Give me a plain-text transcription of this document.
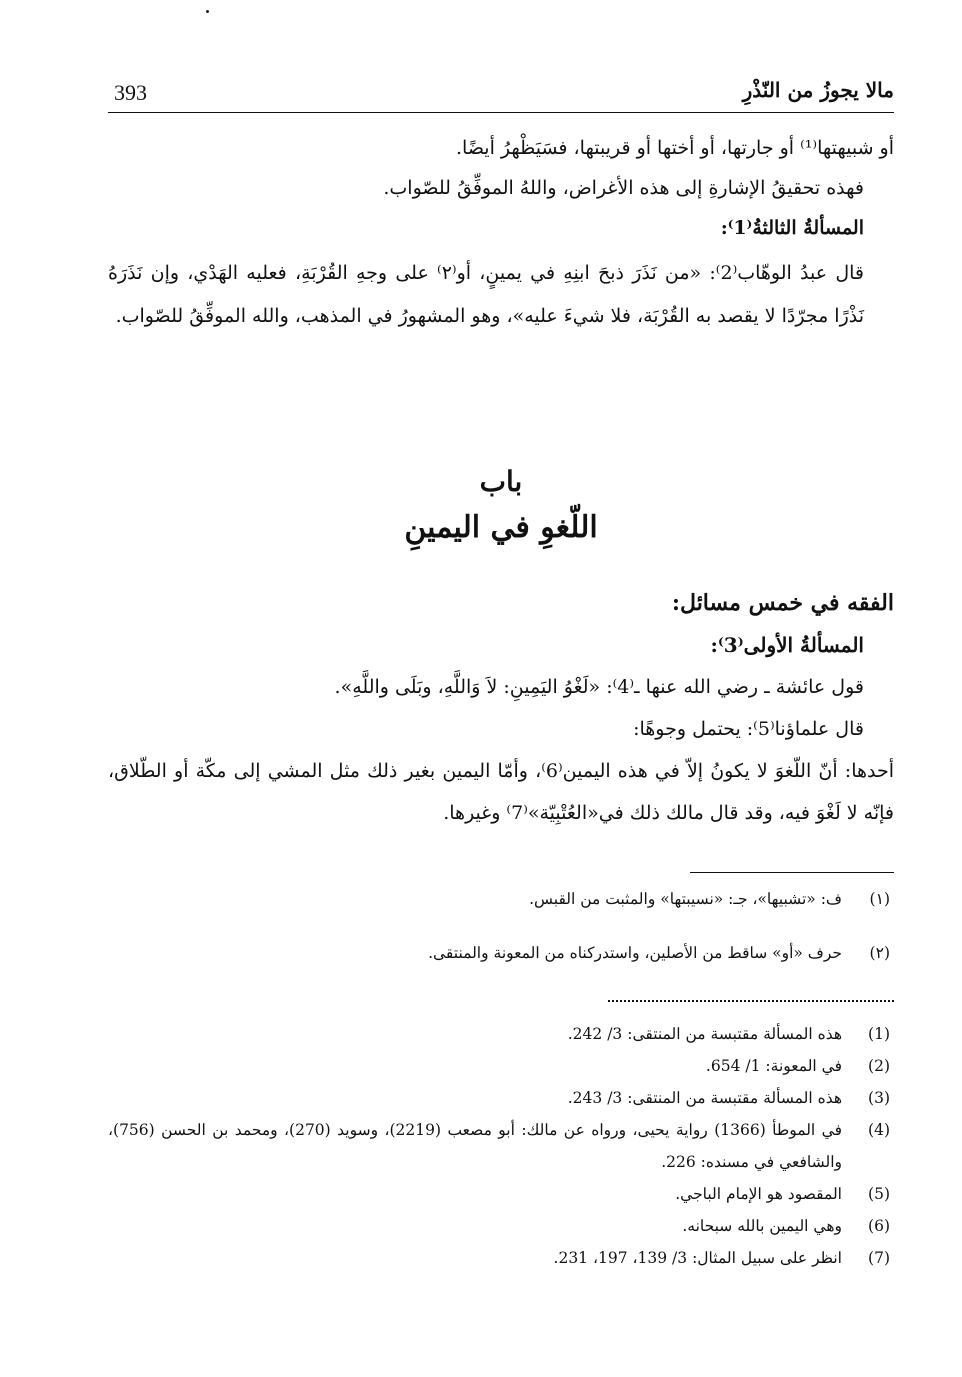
393	مالا يجوزُ من النّذْرِ

أو شبيهتها⁽¹⁾ أو جارتها، أو أختها أو قريبتها، فسَيَظْهرُ أيضًا.

فهذه تحقيقُ الإشارةِ إلى هذه الأغراض، واللهُ الموفِّقُ للصّواب.

المسألةُ الثالثةُ⁽1⁾:

قال عبدُ الوهّاب⁽2⁾: «من نَذَرَ ذبحَ ابنِهِ في يمينٍ، أو⁽٢⁾ على وجهِ القُرْبَةِ، فعليه الهَدْي، وإن نَذَرَهُ نَذْرًا مجرّدًا لا يقصد به القُرْبَة، فلا شيءَ عليه»، وهو المشهورُ في المذهب، والله الموفِّقُ للصّواب.

باب
اللّغوِ في اليمينِ

الفقه في خمس مسائل:

المسألةُ الأولى⁽3⁾:

قول عائشة ـ رضي الله عنها ـ⁽4⁾: «لَغْوُ اليَمِينِ: لاَ وَاللَّهِ، وبَلَى واللَّهِ».

قال علماؤنا⁽5⁾: يحتمل وجوهًا:

أحدها: أنّ اللّغوَ لا يكونُ إلاّ في هذه اليمين⁽6⁾، وأمّا اليمين بغير ذلك مثل المشي إلى مكّة أو الطّلاق، فإنّه لا لَغْوَ فيه، وقد قال مالك ذلك في«العُتْبِيّة»⁽7⁾ وغيرها.

(١)
ف: «تشبيها»، جـ: «نسيبتها» والمثبت من القبس.
(٢)
حرف «أو» ساقط من الأصلين، واستدركناه من المعونة والمنتقى.
(1)
هذه المسألة مقتبسة من المنتقى: 3/ 242.
(2)
في المعونة: 1/ 654.
(3)
هذه المسألة مقتبسة من المنتقى: 3/ 243.
(4)
في الموطأ (1366) رواية يحيى، ورواه عن مالك: أبو مصعب (2219)، وسويد (270)، ومحمد بن الحسن (756)، والشافعي في مسنده: 226.
(5)
المقصود هو الإمام الباجي.
(6)
وهي اليمين بالله سبحانه.
(7)
انظر على سبيل المثال: 3/ 139، 197، 231.
